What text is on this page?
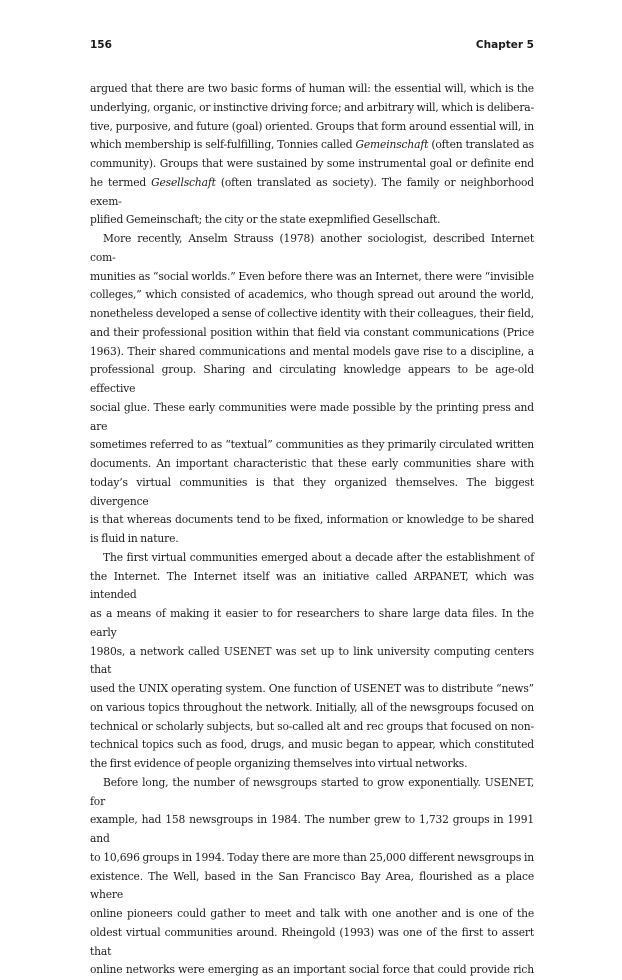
156	Chapter 5

argued that there are two basic forms of human will: the essential will, which is the

underlying, organic, or instinctive driving force; and arbitrary will, which is delibera-

tive, purposive, and future (goal) oriented. Groups that form around essential will, in

which membership is self-fulfilling, Tonnies called Gemeinschaft (often translated as

community). Groups that were sustained by some instrumental goal or definite end

he termed Gesellschaft (often translated as society). The family or neighborhood exem-

plified Gemeinschaft; the city or the state exepmlified Gesellschaft.

More recently, Anselm Strauss (1978) another sociologist, described Internet com-

munities as “social worlds.” Even before there was an Internet, there were “invisible

colleges,” which consisted of academics, who though spread out around the world,

nonetheless developed a sense of collective identity with their colleagues, their field,

and their professional position within that field via constant communications (Price

1963). Their shared communications and mental models gave rise to a discipline, a

professional group. Sharing and circulating knowledge appears to be age-old effective

social glue. These early communities were made possible by the printing press and are

sometimes referred to as “textual” communities as they primarily circulated written

documents. An important characteristic that these early communities share with

today’s virtual communities is that they organized themselves. The biggest divergence

is that whereas documents tend to be fixed, information or knowledge to be shared

is fluid in nature.

The first virtual communities emerged about a decade after the establishment of

the Internet. The Internet itself was an initiative called ARPANET, which was intended

as a means of making it easier to for researchers to share large data files. In the early

1980s, a network called USENET was set up to link university computing centers that

used the UNIX operating system. One function of USENET was to distribute “news”

on various topics throughout the network. Initially, all of the newsgroups focused on

technical or scholarly subjects, but so-called alt and rec groups that focused on non-

technical topics such as food, drugs, and music began to appear, which constituted

the first evidence of people organizing themselves into virtual networks.

Before long, the number of newsgroups started to grow exponentially. USENET, for

example, had 158 newsgroups in 1984. The number grew to 1,732 groups in 1991 and

to 10,696 groups in 1994. Today there are more than 25,000 different newsgroups in

existence. The Well, based in the San Francisco Bay Area, flourished as a place where

online pioneers could gather to meet and talk with one another and is one of the

oldest virtual communities around. Rheingold (1993) was one of the first to assert that

online networks were emerging as an important social force that could provide rich
